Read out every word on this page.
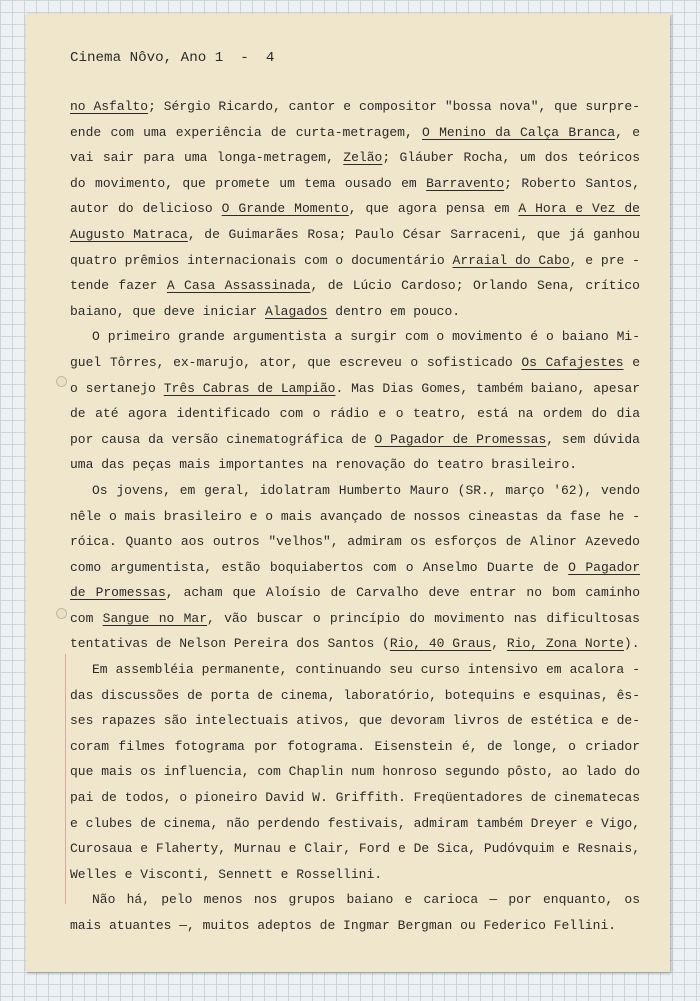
Cinema Nôvo, Ano 1  -  4
no Asfalto; Sérgio Ricardo, cantor e compositor "bossa nova", que surpre-
ende com uma experiência de curta-metragem, O Menino da Calça Branca, e
vai sair para uma longa-metragem, Zelão; Gláuber Rocha, um dos teóricos
do movimento, que promete um tema ousado em Barravento; Roberto Santos,
autor do delicioso O Grande Momento, que agora pensa em A Hora e Vez de
Augusto Matraca, de Guimarães Rosa; Paulo César Sarraceni, que já ganhou
quatro prêmios internacionais com o documentário Arraial do Cabo, e pre -
tende fazer A Casa Assassinada, de Lúcio Cardoso; Orlando Sena, crítico
baiano, que deve iniciar Alagados dentro em pouco.
O primeiro grande argumentista a surgir com o movimento é o baiano Mi-
guel Tôrres, ex-marujo, ator, que escreveu o sofisticado Os Cafajestes e
o sertanejo Três Cabras de Lampião. Mas Dias Gomes, também baiano, apesar
de até agora identificado com o rádio e o teatro, está na ordem do dia
por causa da versão cinematográfica de O Pagador de Promessas, sem dúvida
uma das peças mais importantes na renovação do teatro brasileiro.
Os jovens, em geral, idolatram Humberto Mauro (SR., março '62), vendo
nêle o mais brasileiro e o mais avançado de nossos cineastas da fase he -
róica. Quanto aos outros "velhos", admiram os esforços de Alinor Azevedo
como argumentista, estão boquiabertos com o Anselmo Duarte de O Pagador
de Promessas, acham que Aloísio de Carvalho deve entrar no bom caminho
com Sangue no Mar, vão buscar o princípio do movimento nas dificultosas
tentativas de Nelson Pereira dos Santos (Rio, 40 Graus, Rio, Zona Norte).
Em assembléia permanente, continuando seu curso intensivo em acalora -
das discussões de porta de cinema, laboratório, botequins e esquinas, ês-
ses rapazes são intelectuais ativos, que devoram livros de estética e de-
coram filmes fotograma por fotograma. Eisenstein é, de longe, o criador
que mais os influencia, com Chaplin num honroso segundo pôsto, ao lado do
pai de todos, o pioneiro David W. Griffith. Freqüentadores de cinematecas
e clubes de cinema, não perdendo festivais, admiram também Dreyer e Vigo,
Curosaua e Flaherty, Murnau e Clair, Ford e De Sica, Pudóvquim e Resnais,
Welles e Visconti, Sennett e Rossellini.
Não há, pelo menos nos grupos baiano e carioca — por enquanto, os
mais atuantes —, muitos adeptos de Ingmar Bergman ou Federico Fellini.
